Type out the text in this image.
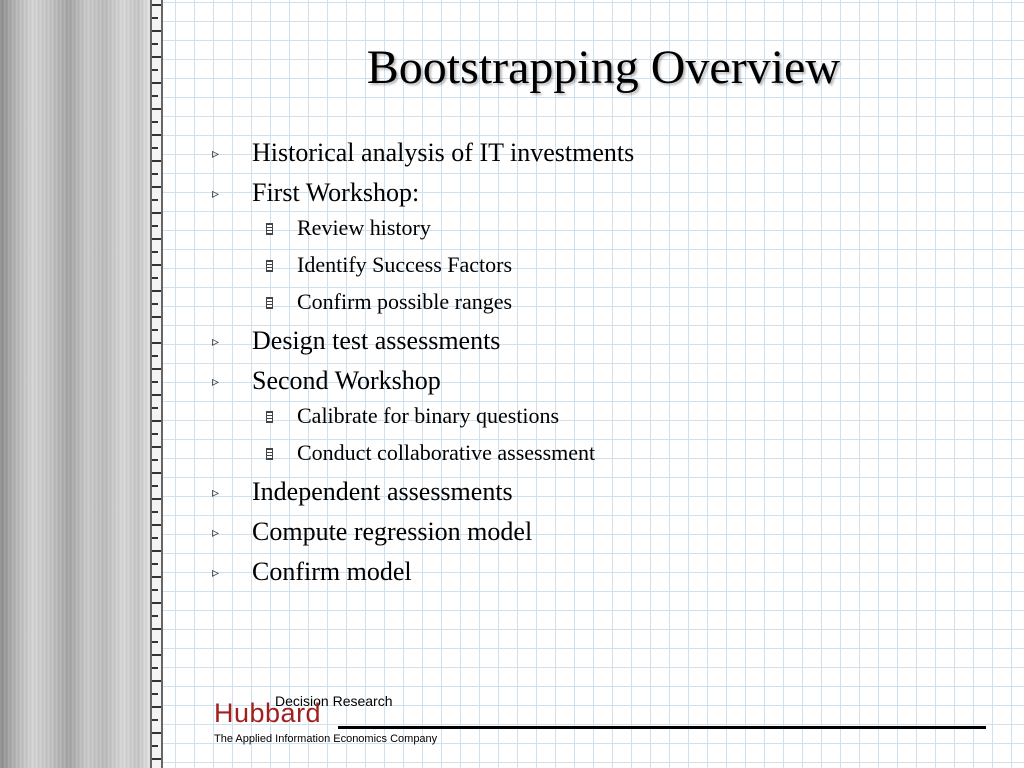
Bootstrapping Overview
▹ Historical analysis of IT investments
▹ First Workshop:
Review history
Identify Success Factors
Confirm possible ranges
▹ Design test assessments
▹ Second Workshop
Calibrate for binary questions
Conduct collaborative assessment
▹ Independent assessments
▹ Compute regression model
▹ Confirm model
Decision Research
Hubbard
The Applied Information Economics Company
